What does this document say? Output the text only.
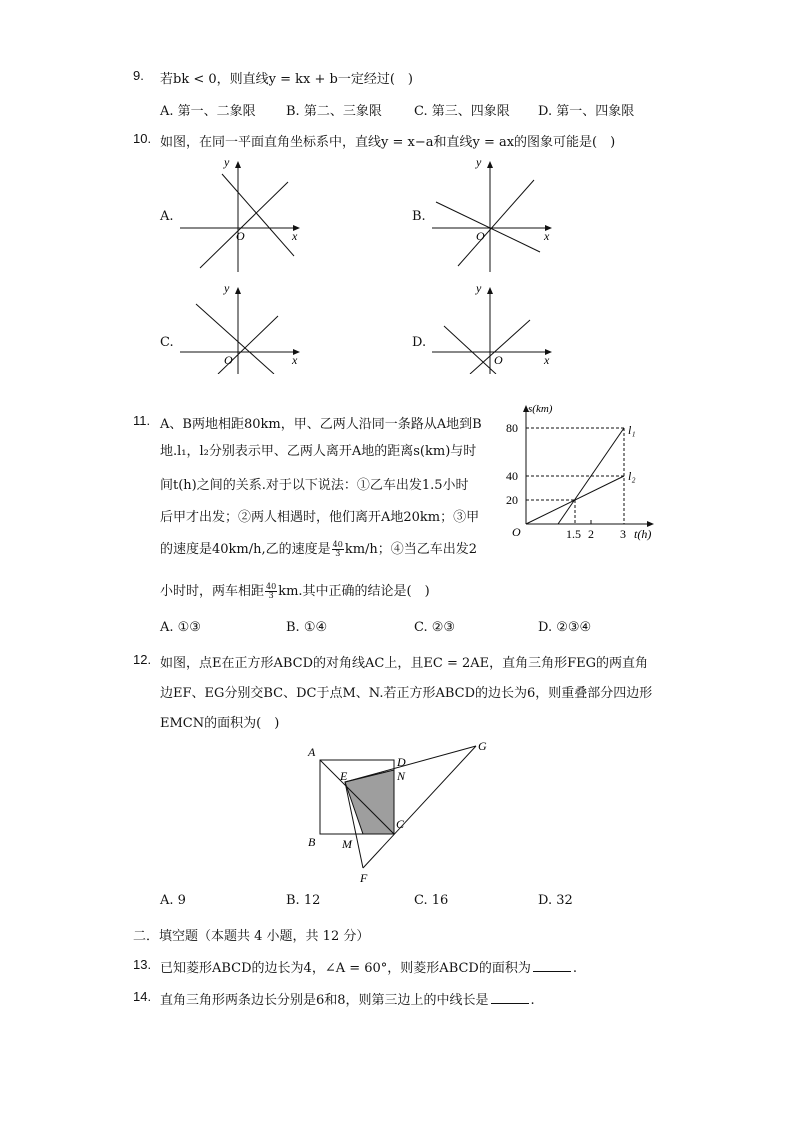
9. 若bk < 0，则直线y = kx + b一定经过(　)
A. 第一、二象限 B. 第二、三象限 C. 第三、四象限 D. 第一、四象限
10. 如图，在同一平面直角坐标系中，直线y = x−a和直线y = ax的图象可能是(　)
A.	B.
C.	D.
y
x
O
y
x
O
y
x
O
y
x
O
11. A、B两地相距80km，甲、乙两人沿同一条路从A地到B
地.l₁，l₂分别表示甲、乙两人离开A地的距离s(km)与时
间t(h)之间的关系.对于以下说法：①乙车出发1.5小时
后甲才出发；②两人相遇时，他们离开A地20km；③甲
的速度是40km/h,乙的速度是 $\frac{40}{3} km/h$；④当乙车出发2
小时时，两车相距 $\frac{40}{3}$ km.其中正确的结论是(　)
A. ①③	B. ①④	C. ②③	D. ②③④
s(km)
t(h)
O
80
40
20
1.5 2 3
l₁
l₂
12. 如图，点E在正方形ABCD的对角线AC上，且EC = 2AE，直角三角形FEG的两直角
边EF、EG分别交BC、DC于点M、N.若正方形ABCD的边长为6，则重叠部分四边形
EMCN的面积为(　)
A
B
C
D
E
F
G
M
N
A. 9	B. 12	C. 16	D. 32
二．填空题（本题共 4 小题，共 12 分）
13. 已知菱形ABCD的边长为4，∠A = 60°，则菱形ABCD的面积为	.
14. 直角三角形两条边长分别是6和8，则第三边上的中线长是	.
